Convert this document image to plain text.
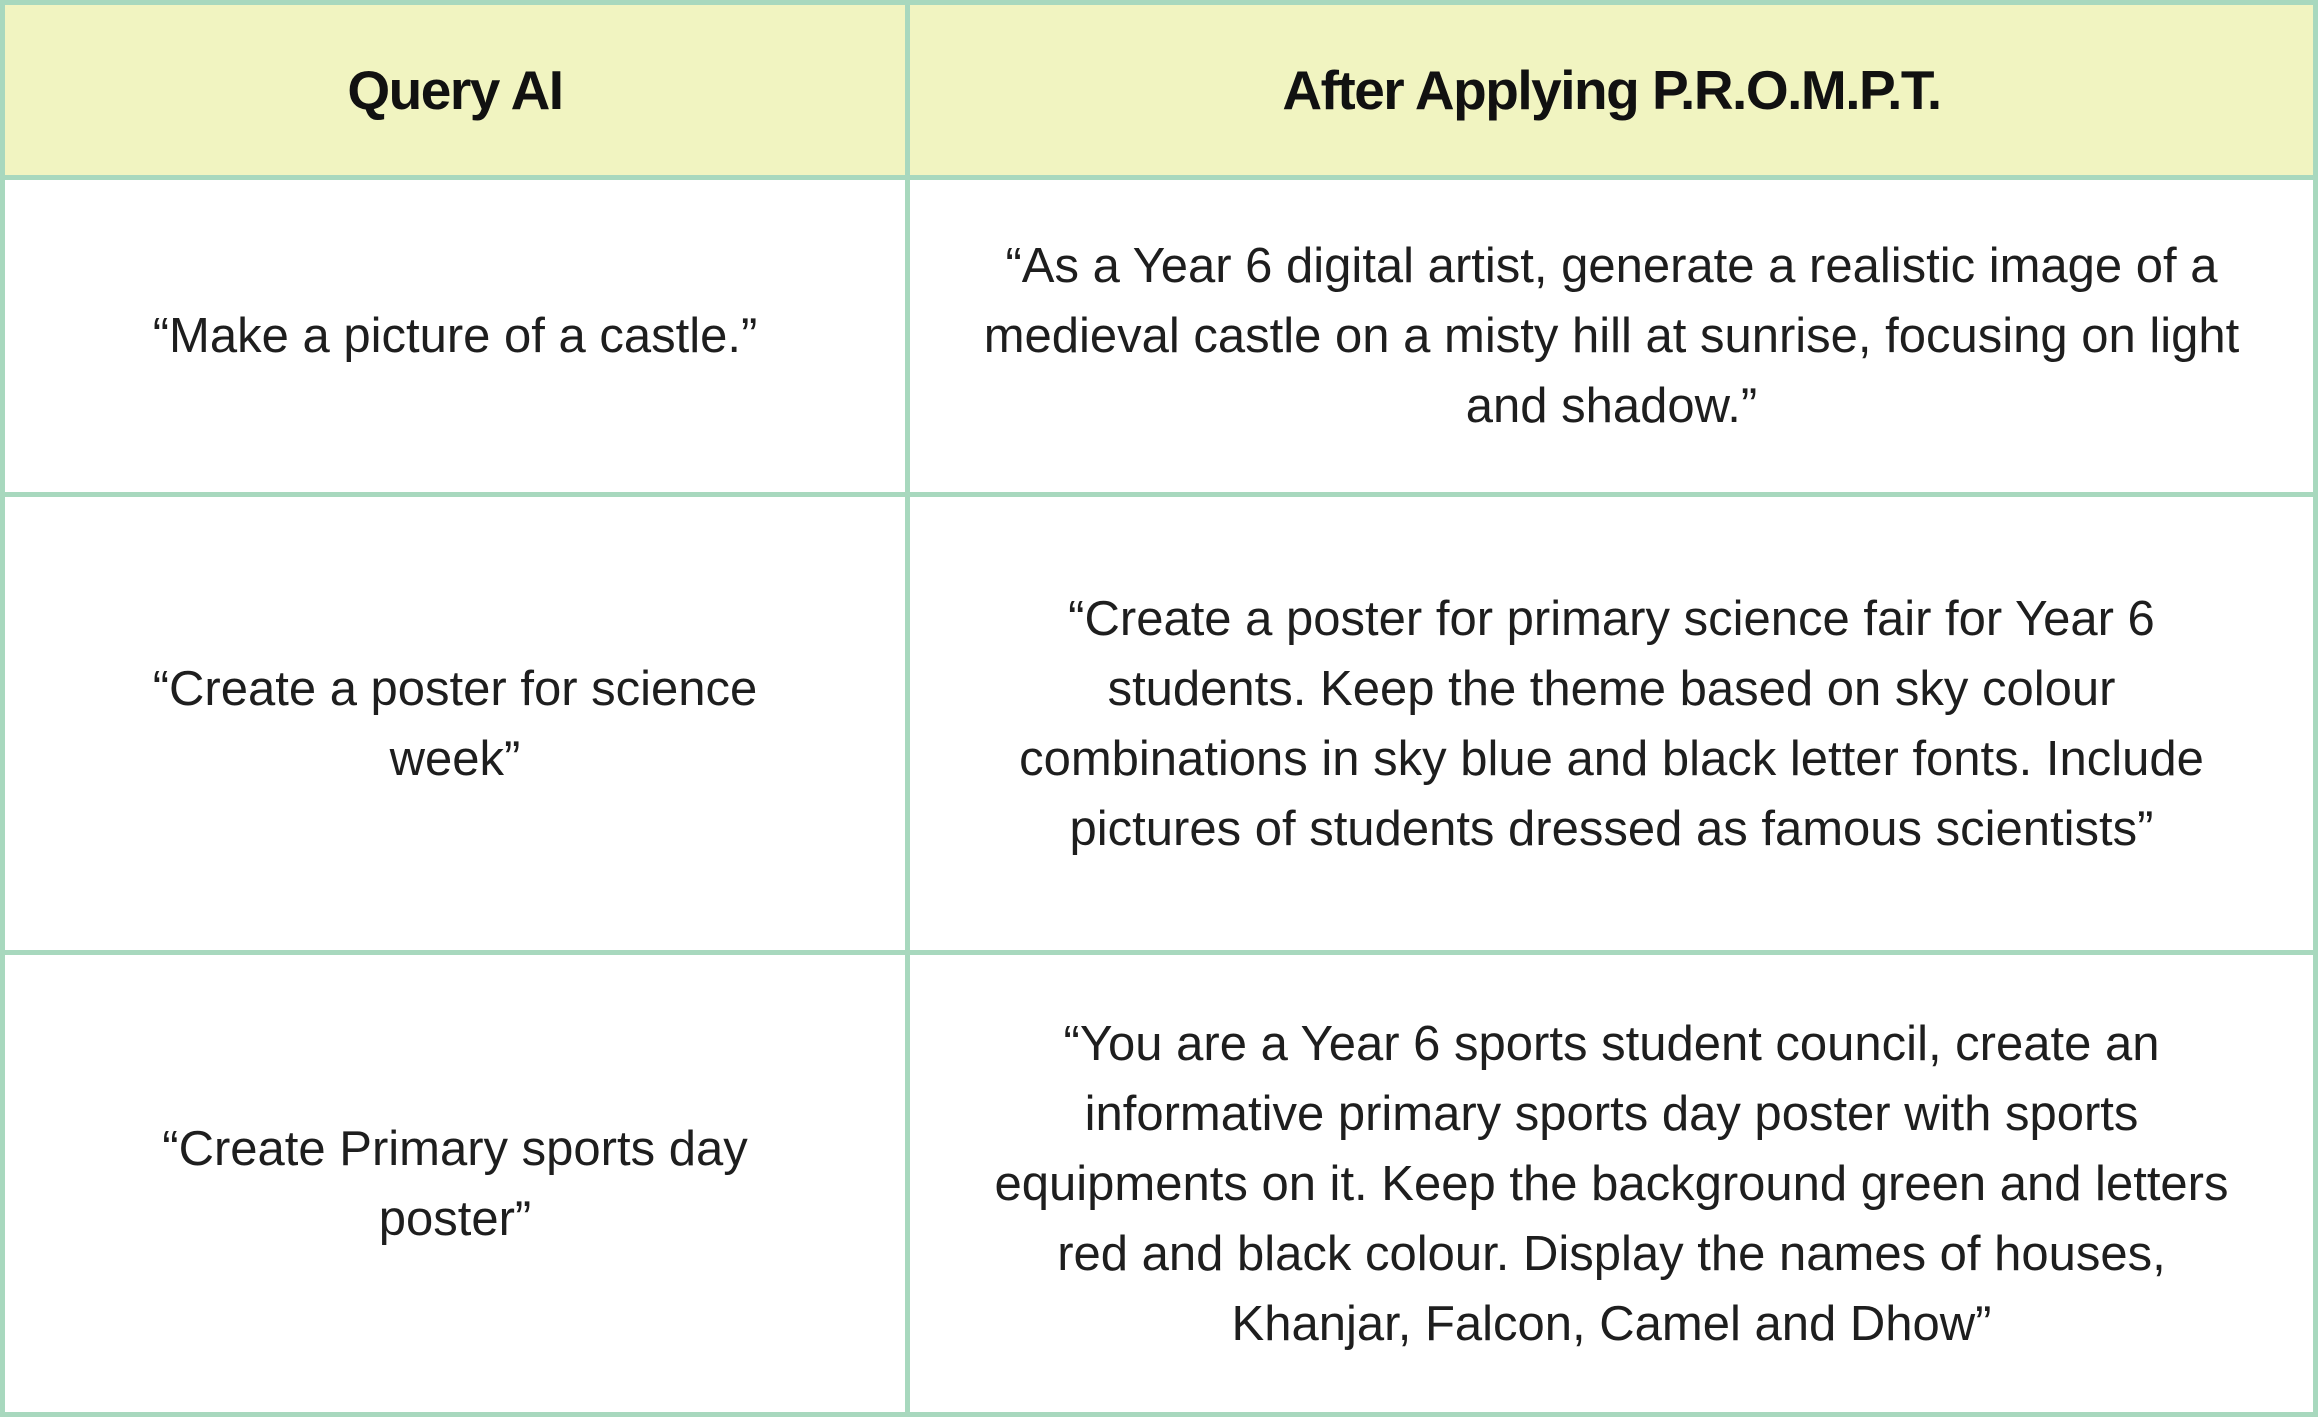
Query AI	After Applying P.R.O.M.P.T.
“Make a picture of a castle.”
“As a Year 6 digital artist, generate a realistic image of a medieval castle on a misty hill at sunrise, focusing on light and shadow.”
“Create a poster for science week”
“Create a poster for primary science fair for Year 6 students. Keep the theme based on sky colour combinations in sky blue and black letter fonts. Include pictures of students dressed as famous scientists”
“Create Primary sports day poster”
“You are a Year 6 sports student council, create an informative primary sports day poster with sports equipments on it. Keep the background green and letters red and black colour. Display the names of houses, Khanjar, Falcon, Camel and Dhow”
